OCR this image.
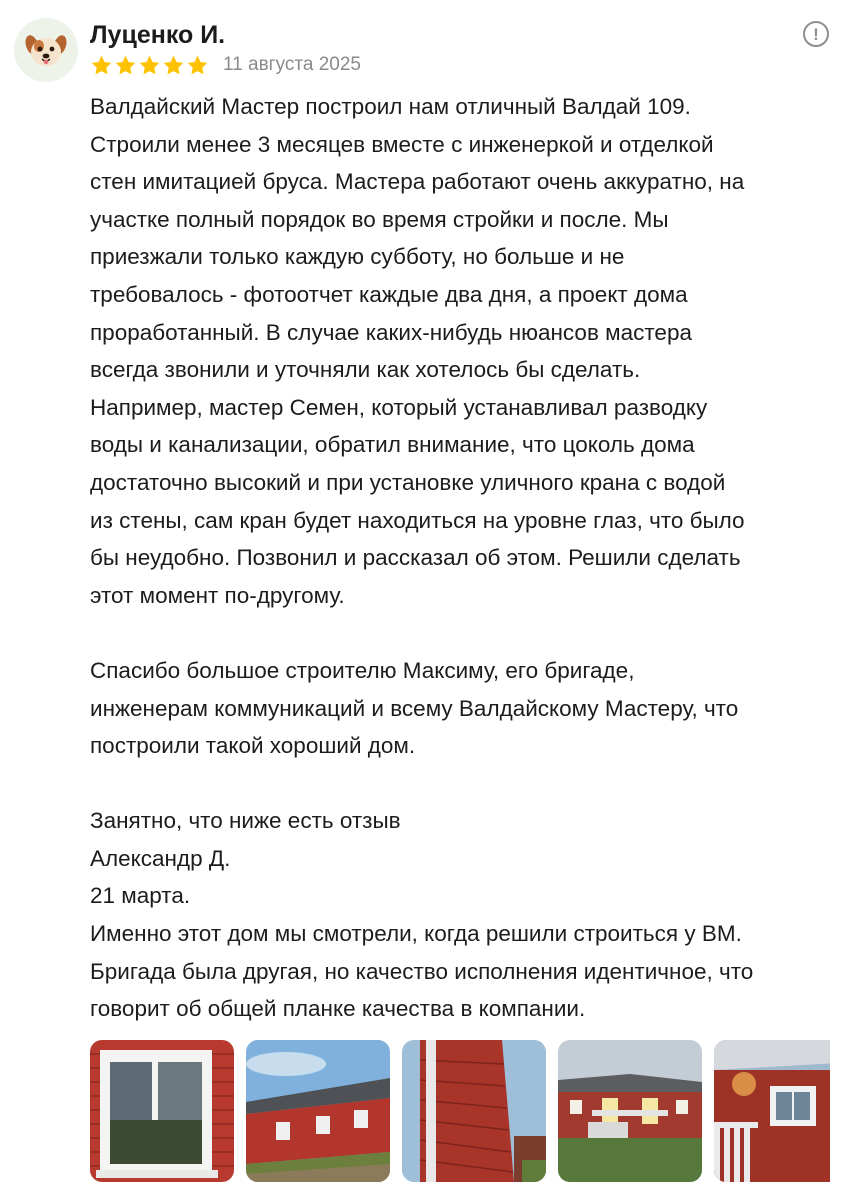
Луценко И.
11 августа 2025
!

Валдайский Мастер построил нам отличный Валдай 109.

Строили менее 3 месяцев вместе с инженеркой и отделкой

стен имитацией бруса. Мастера работают очень аккуратно, на

участке полный порядок во время стройки и после. Мы

приезжали только каждую субботу, но больше и не

требовалось - фотоотчет каждые два дня, а проект дома

проработанный. В случае каких-нибудь нюансов мастера

всегда звонили и уточняли как хотелось бы сделать.

Например, мастер Семен, который устанавливал разводку

воды и канализации, обратил внимание, что цоколь дома

достаточно высокий и при установке уличного крана с водой

из стены, сам кран будет находиться на уровне глаз, что было

бы неудобно. Позвонил и рассказал об этом. Решили сделать

этот момент по-другому.

Спасибо большое строителю Максиму, его бригаде,

инженерам коммуникаций и всему Валдайскому Мастеру, что

построили такой хороший дом.

Занятно, что ниже есть отзыв

Александр Д.

21 марта.

Именно этот дом мы смотрели, когда решили строиться у ВМ.

Бригада была другая, но качество исполнения идентичное, что

говорит об общей планке качества в компании.
